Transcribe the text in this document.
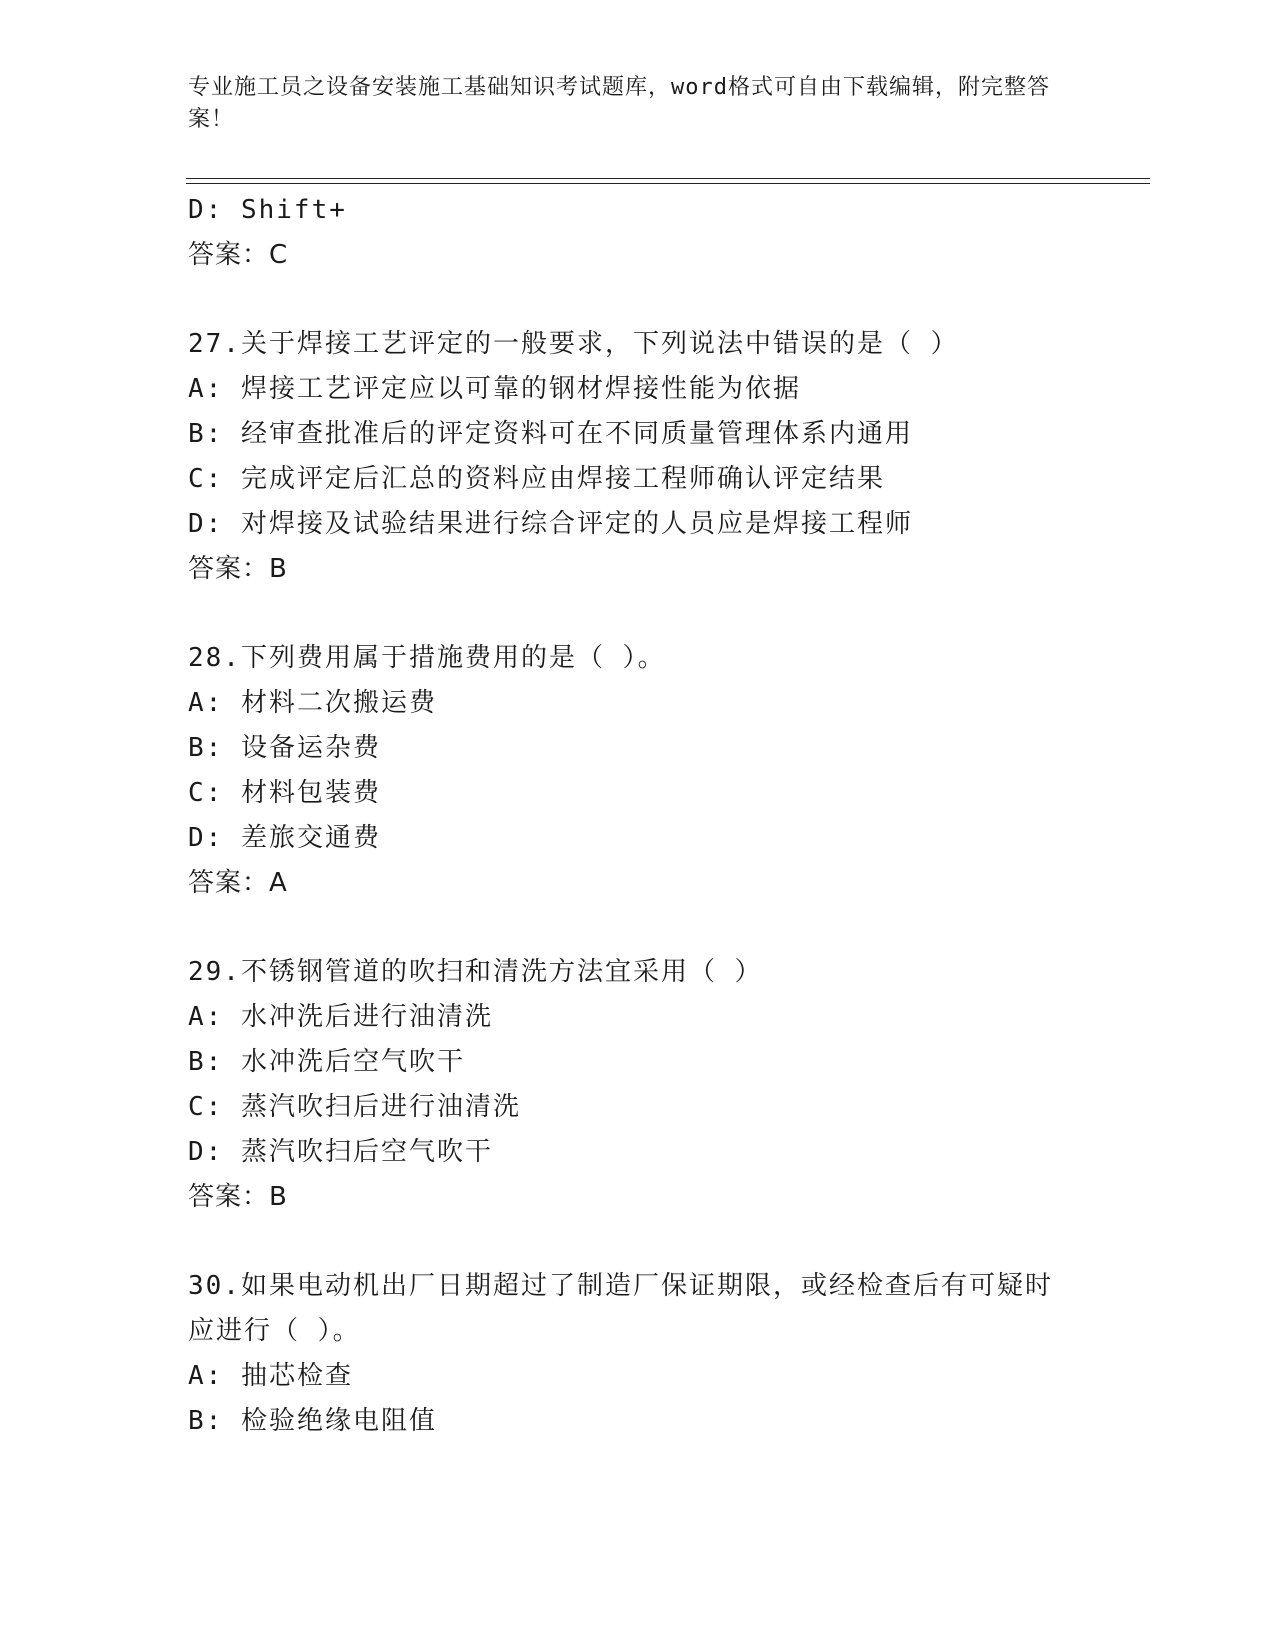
专业施工员之设备安装施工基础知识考试题库，word格式可自由下载编辑，附完整答案！
D: Shift+
答案：C
27.关于焊接工艺评定的一般要求，下列说法中错误的是（ ）
A: 焊接工艺评定应以可靠的钢材焊接性能为依据
B: 经审查批准后的评定资料可在不同质量管理体系内通用
C: 完成评定后汇总的资料应由焊接工程师确认评定结果
D: 对焊接及试验结果进行综合评定的人员应是焊接工程师
答案：B
28.下列费用属于措施费用的是（ ）。
A: 材料二次搬运费
B: 设备运杂费
C: 材料包装费
D: 差旅交通费
答案：A
29.不锈钢管道的吹扫和清洗方法宜采用（ ）
A: 水冲洗后进行油清洗
B: 水冲洗后空气吹干
C: 蒸汽吹扫后进行油清洗
D: 蒸汽吹扫后空气吹干
答案：B
30.如果电动机出厂日期超过了制造厂保证期限，或经检查后有可疑时应进行（ ）。
A: 抽芯检查
B: 检验绝缘电阻值
